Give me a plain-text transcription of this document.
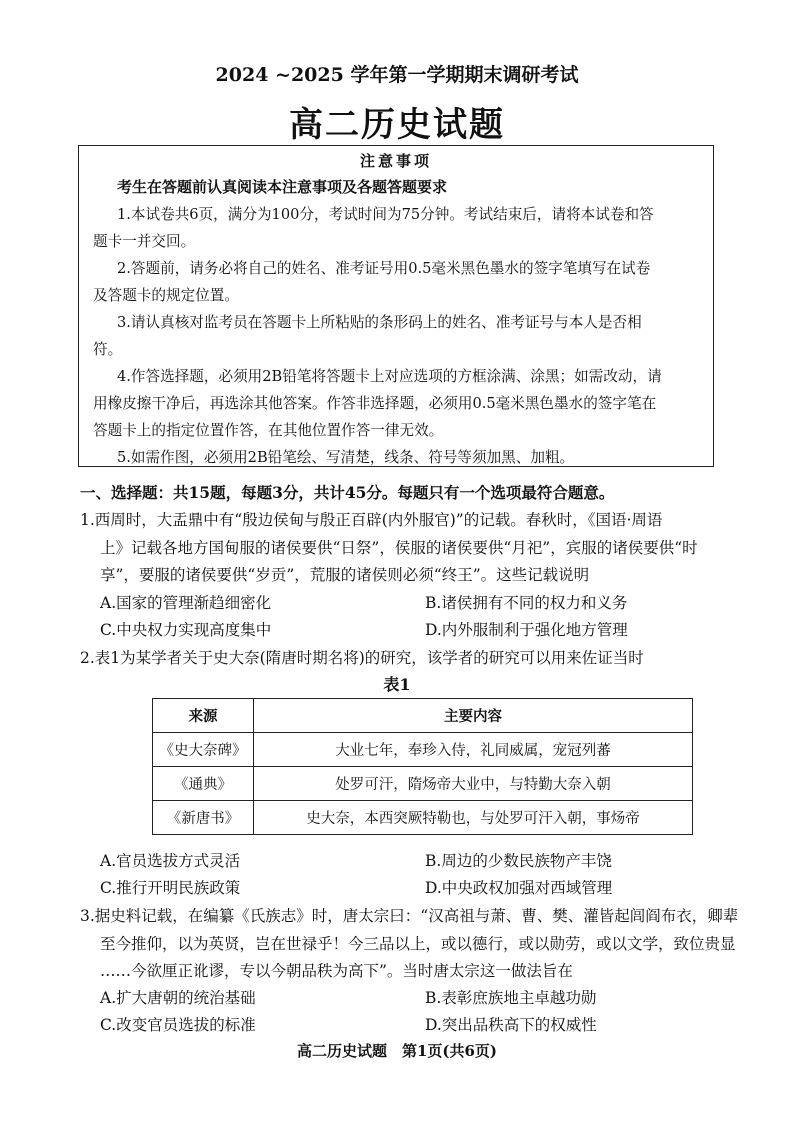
2024 ~2025 学年第一学期期末调研考试
高二历史试题
注意事项
考生在答题前认真阅读本注意事项及各题答题要求
1.本试卷共6页，满分为100分，考试时间为75分钟。考试结束后，请将本试卷和答
题卡一并交回。
2.答题前，请务必将自己的姓名、准考证号用0.5毫米黑色墨水的签字笔填写在试卷
及答题卡的规定位置。
3.请认真核对监考员在答题卡上所粘贴的条形码上的姓名、准考证号与本人是否相
符。
4.作答选择题，必须用2B铅笔将答题卡上对应选项的方框涂满、涂黑；如需改动，请
用橡皮擦干净后，再选涂其他答案。作答非选择题，必须用0.5毫米黑色墨水的签字笔在
答题卡上的指定位置作答，在其他位置作答一律无效。
5.如需作图，必须用2B铅笔绘、写清楚，线条、符号等须加黑、加粗。
一、选择题：共15题，每题3分，共计45分。每题只有一个选项最符合题意。
1.西周时，大盂鼎中有“殷边侯甸与殷正百辟(内外服官)”的记载。春秋时，《国语·周语
上》记载各地方国甸服的诸侯要供“日祭”，侯服的诸侯要供“月祀”，宾服的诸侯要供“时
享”，要服的诸侯要供“岁贡”，荒服的诸侯则必须“终王”。这些记载说明
A.国家的管理渐趋细密化	B.诸侯拥有不同的权力和义务
C.中央权力实现高度集中	D.内外服制利于强化地方管理
2.表1为某学者关于史大奈(隋唐时期名将)的研究，该学者的研究可以用来佐证当时
表1
来源	主要内容
《史大奈碑》	大业七年，奉珍入侍，礼同威属，宠冠列蕃
《通典》	处罗可汗，隋炀帝大业中，与特勤大奈入朝
《新唐书》	史大奈，本西突厥特勒也，与处罗可汗入朝，事炀帝
A.官员选拔方式灵活	B.周边的少数民族物产丰饶
C.推行开明民族政策	D.中央政权加强对西域管理
3.据史料记载，在编纂《氏族志》时，唐太宗曰：“汉高祖与萧、曹、樊、灌皆起闾阎布衣，卿辈
至今推仰，以为英贤，岂在世禄乎！今三品以上，或以德行，或以勋劳，或以文学，致位贵显
……今欲厘正讹谬，专以今朝品秩为高下”。当时唐太宗这一做法旨在
A.扩大唐朝的统治基础	B.表彰庶族地主卓越功勋
C.改变官员选拔的标准	D.突出品秩高下的权威性
高二历史试题　第1页(共6页)
